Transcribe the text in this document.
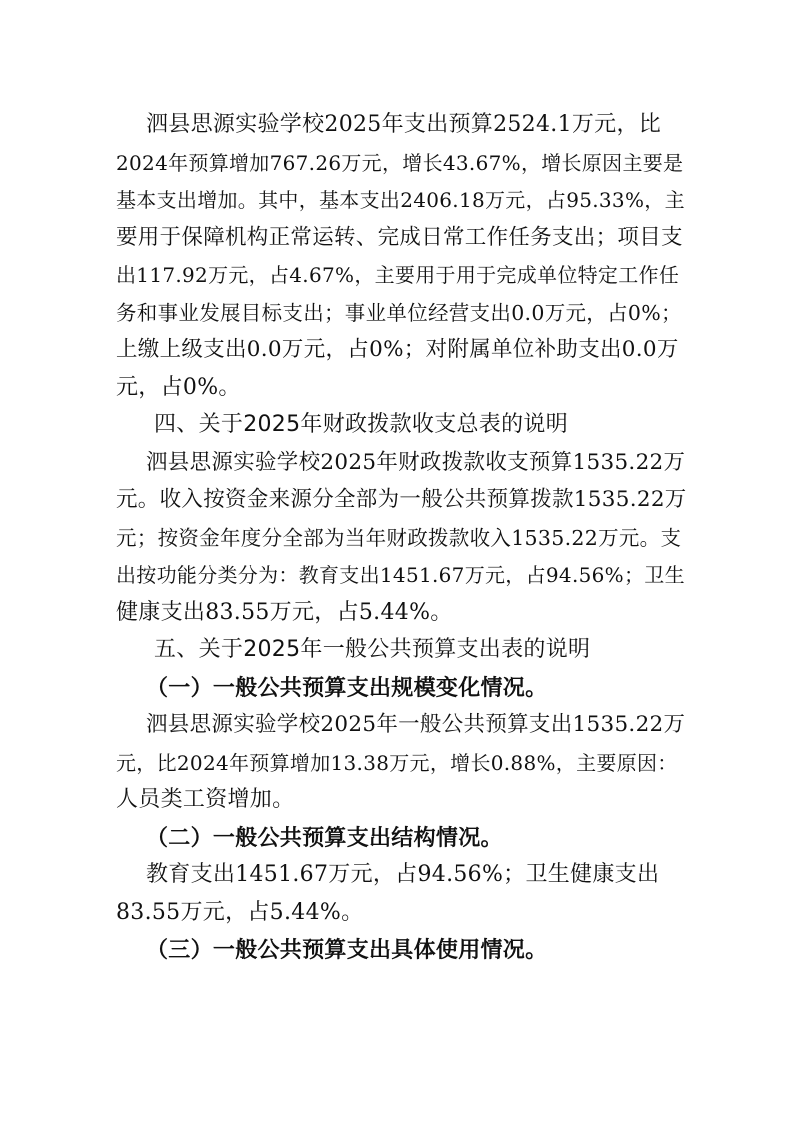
泗县思源实验学校2025年支出预算2524.1万元，比
2024年预算增加767.26万元，增长43.67%，增长原因主要是
基本支出增加。其中，基本支出2406.18万元，占95.33%，主
要用于保障机构正常运转、完成日常工作任务支出；项目支
出117.92万元，占4.67%，主要用于用于完成单位特定工作任
务和事业发展目标支出；事业单位经营支出0.0万元，占0%；
上缴上级支出0.0万元，占0%；对附属单位补助支出0.0万
元，占0%。
四、关于2025年财政拨款收支总表的说明
泗县思源实验学校2025年财政拨款收支预算1535.22万
元。收入按资金来源分全部为一般公共预算拨款1535.22万
元；按资金年度分全部为当年财政拨款收入1535.22万元。支
出按功能分类分为：教育支出1451.67万元，占94.56%；卫生
健康支出83.55万元，占5.44%。
五、关于2025年一般公共预算支出表的说明
（一）一般公共预算支出规模变化情况。
泗县思源实验学校2025年一般公共预算支出1535.22万
元，比2024年预算增加13.38万元，增长0.88%，主要原因：
人员类工资增加。
（二）一般公共预算支出结构情况。
教育支出1451.67万元，占94.56%；卫生健康支出
83.55万元，占5.44%。
（三）一般公共预算支出具体使用情况。
